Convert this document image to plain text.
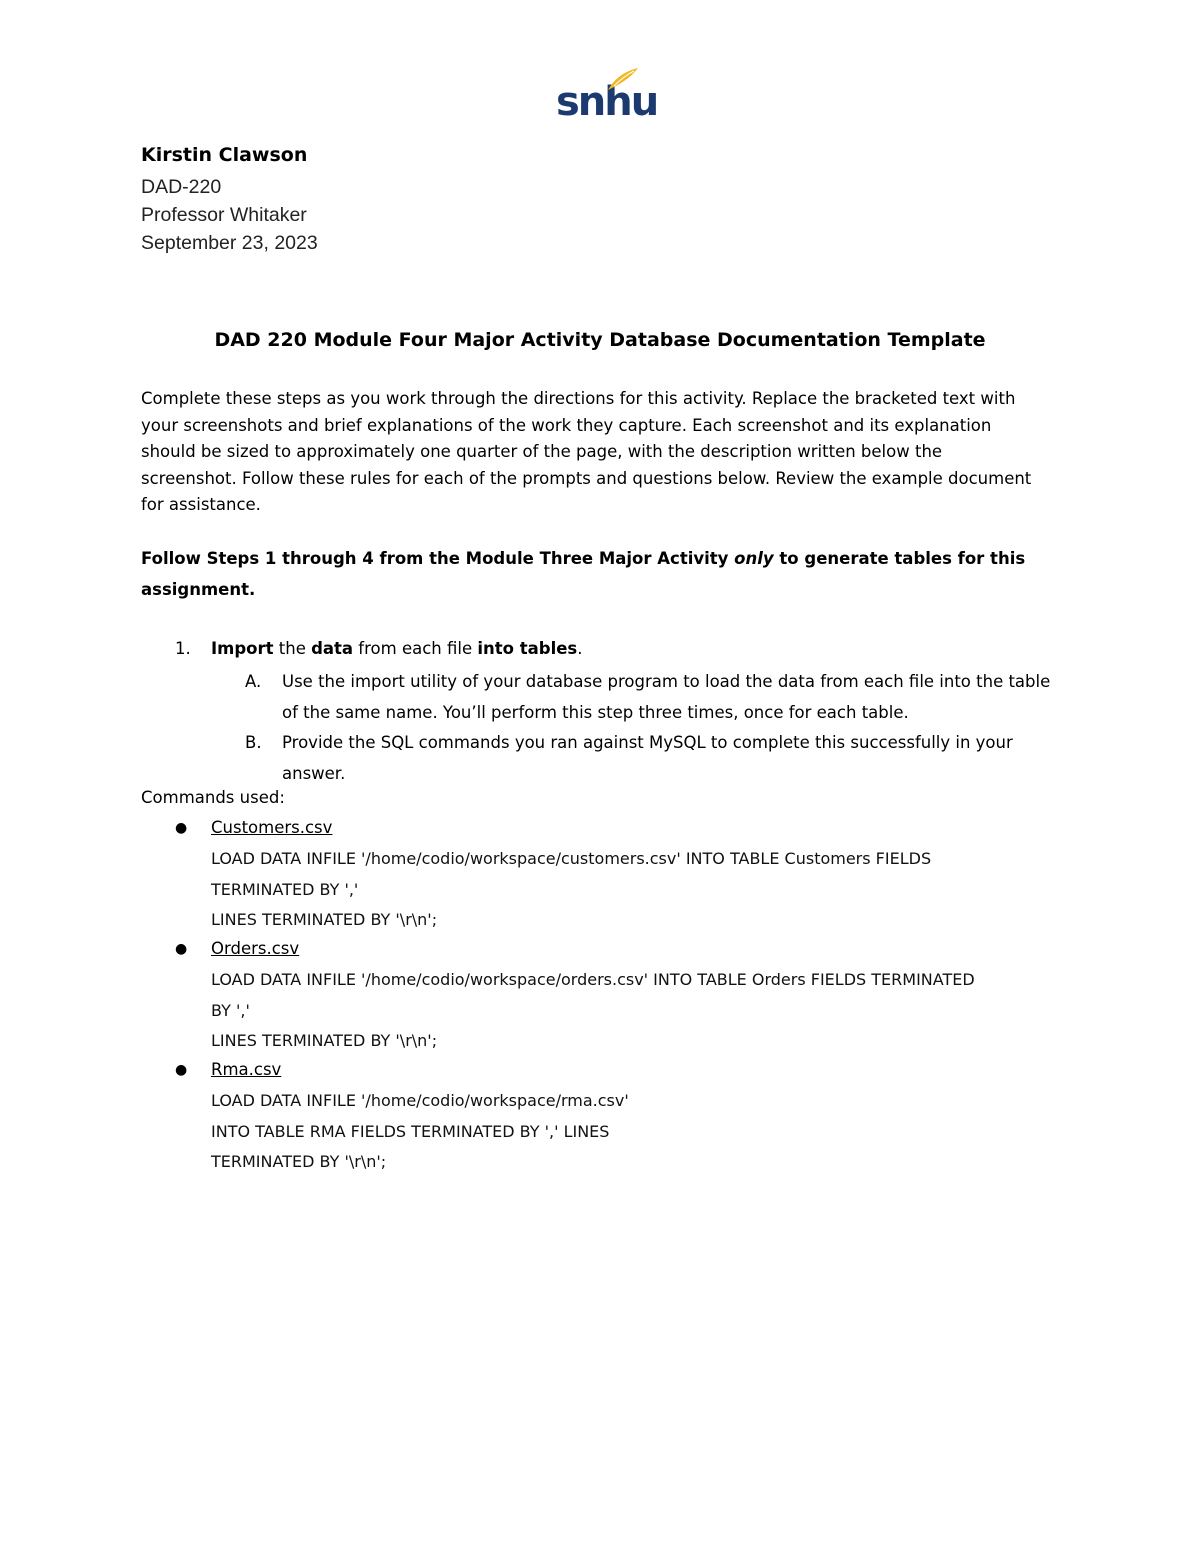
snhu
Kirstin Clawson
DAD-220
Professor Whitaker
September 23, 2023
DAD 220 Module Four Major Activity Database Documentation Template
Complete these steps as you work through the directions for this activity. Replace the bracketed text with your screenshots and brief explanations of the work they capture. Each screenshot and its explanation should be sized to approximately one quarter of the page, with the description written below the screenshot. Follow these rules for each of the prompts and questions below. Review the example document for assistance.
Follow Steps 1 through 4 from the Module Three Major Activity only to generate tables for this assignment.
1.	Import the data from each file into tables.
A. Use the import utility of your database program to load the data from each file into the table of the same name. You’ll perform this step three times, once for each table.
B. Provide the SQL commands you ran against MySQL to complete this successfully in your answer.
Commands used:
● Customers.csv
LOAD DATA INFILE '/home/codio/workspace/customers.csv' INTO TABLE Customers FIELDS
TERMINATED BY ','
LINES TERMINATED BY '\r\n';
● Orders.csv
LOAD DATA INFILE '/home/codio/workspace/orders.csv' INTO TABLE Orders FIELDS TERMINATED
BY ','
LINES TERMINATED BY '\r\n';
● Rma.csv
LOAD DATA INFILE '/home/codio/workspace/rma.csv'
INTO TABLE RMA FIELDS TERMINATED BY ',' LINES
TERMINATED BY '\r\n';
